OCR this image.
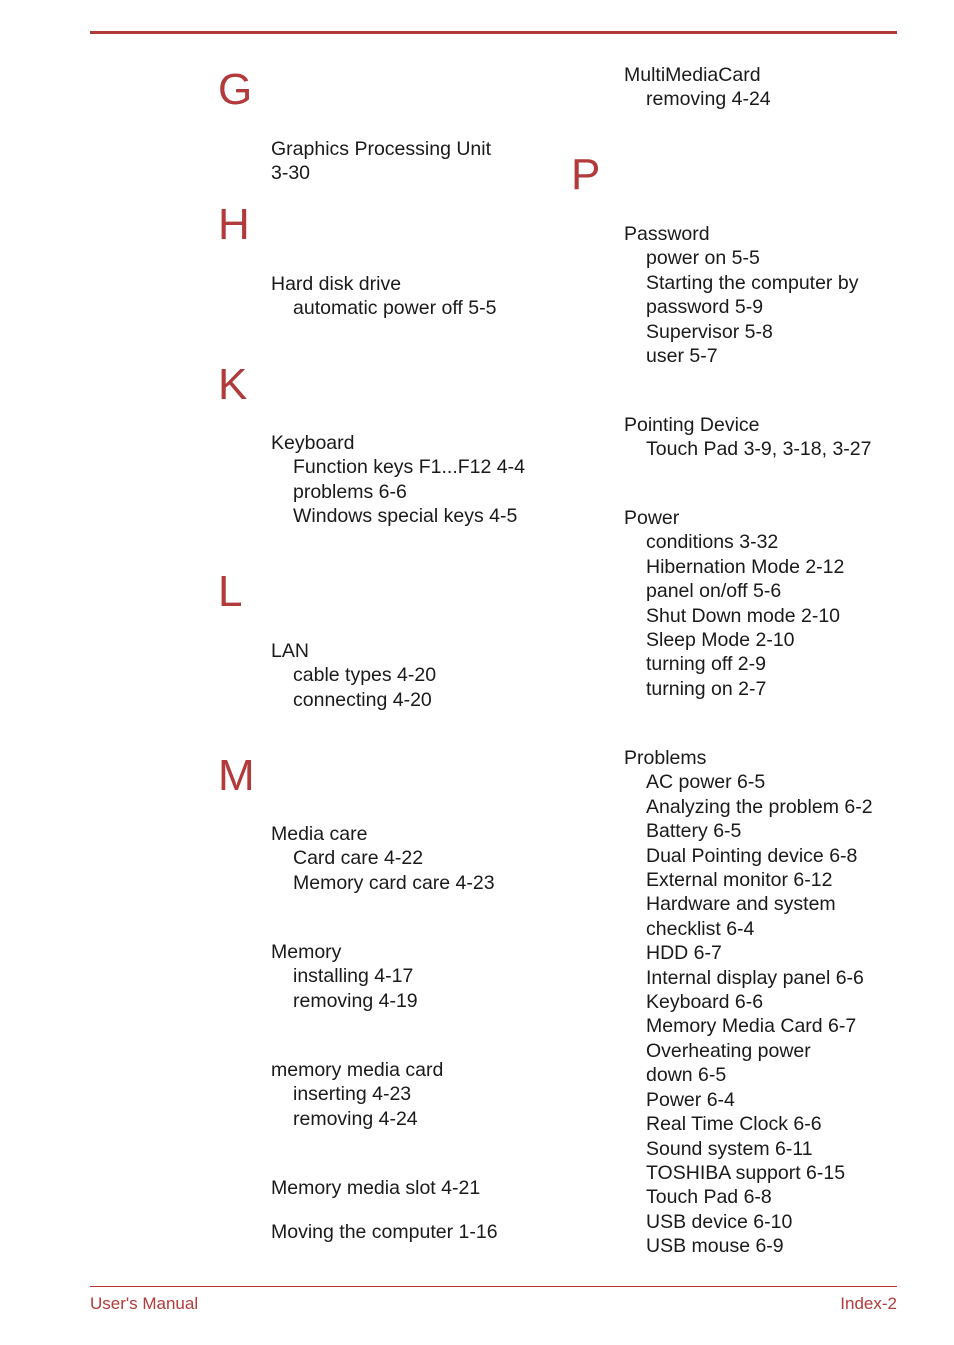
G
Graphics Processing Unit
3-30
H
Hard disk drive
automatic power off 5-5
K
Keyboard
Function keys F1...F12 4-4
problems 6-6
Windows special keys 4-5
L
LAN
cable types 4-20
connecting 4-20
M
Media care
Card care 4-22
Memory card care 4-23
Memory
installing 4-17
removing 4-19
memory media card
inserting 4-23
removing 4-24
Memory media slot 4-21
Moving the computer 1-16
MultiMediaCard
removing 4-24
P
Password
power on 5-5
Starting the computer by
password 5-9
Supervisor 5-8
user 5-7
Pointing Device
Touch Pad 3-9, 3-18, 3-27
Power
conditions 3-32
Hibernation Mode 2-12
panel on/off 5-6
Shut Down mode 2-10
Sleep Mode 2-10
turning off 2-9
turning on 2-7
Problems
AC power 6-5
Analyzing the problem 6-2
Battery 6-5
Dual Pointing device 6-8
External monitor 6-12
Hardware and system
checklist 6-4
HDD 6-7
Internal display panel 6-6
Keyboard 6-6
Memory Media Card 6-7
Overheating power
down 6-5
Power 6-4
Real Time Clock 6-6
Sound system 6-11
TOSHIBA support 6-15
Touch Pad 6-8
USB device 6-10
USB mouse 6-9
User's Manual	Index-2
